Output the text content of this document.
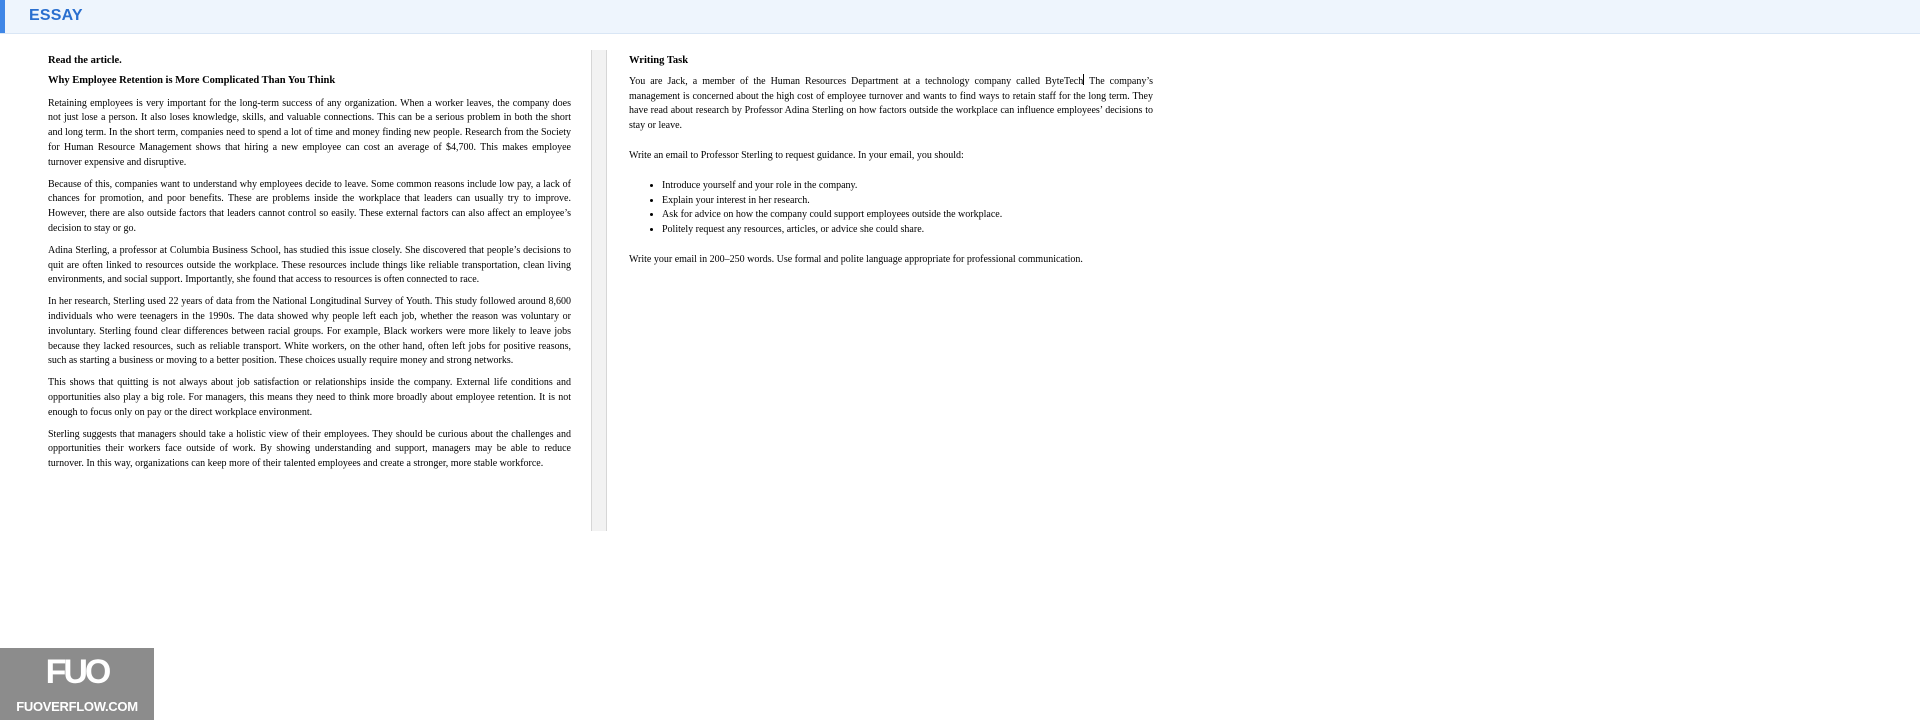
ESSAY
Read the article.
Why Employee Retention is More Complicated Than You Think

Retaining employees is very important for the long-term success of any organization. When a worker leaves, the company does not just lose a person. It also loses knowledge, skills, and valuable connections. This can be a serious problem in both the short and long term. In the short term, companies need to spend a lot of time and money finding new people. Research from the Society for Human Resource Management shows that hiring a new employee can cost an average of $4,700. This makes employee turnover expensive and disruptive.

Because of this, companies want to understand why employees decide to leave. Some common reasons include low pay, a lack of chances for promotion, and poor benefits. These are problems inside the workplace that leaders can usually try to improve. However, there are also outside factors that leaders cannot control so easily. These external factors can also affect an employee’s decision to stay or go.

Adina Sterling, a professor at Columbia Business School, has studied this issue closely. She discovered that people’s decisions to quit are often linked to resources outside the workplace. These resources include things like reliable transportation, clean living environments, and social support. Importantly, she found that access to resources is often connected to race.

In her research, Sterling used 22 years of data from the National Longitudinal Survey of Youth. This study followed around 8,600 individuals who were teenagers in the 1990s. The data showed why people left each job, whether the reason was voluntary or involuntary. Sterling found clear differences between racial groups. For example, Black workers were more likely to leave jobs because they lacked resources, such as reliable transport. White workers, on the other hand, often left jobs for positive reasons, such as starting a business or moving to a better position. These choices usually require money and strong networks.

This shows that quitting is not always about job satisfaction or relationships inside the company. External life conditions and opportunities also play a big role. For managers, this means they need to think more broadly about employee retention. It is not enough to focus only on pay or the direct workplace environment.

Sterling suggests that managers should take a holistic view of their employees. They should be curious about the challenges and opportunities their workers face outside of work. By showing understanding and support, managers may be able to reduce turnover. In this way, organizations can keep more of their talented employees and create a stronger, more stable workforce.

Writing Task

You are Jack, a member of the Human Resources Department at a technology company called ByteTech The company’s management is concerned about the high cost of employee turnover and wants to find ways to retain staff for the long term. They have read about research by Professor Adina Sterling on how factors outside the workplace can influence employees’ decisions to stay or leave.

Write an email to Professor Sterling to request guidance. In your email, you should:

• Introduce yourself and your role in the company.
• Explain your interest in her research.
• Ask for advice on how the company could support employees outside the workplace.
• Politely request any resources, articles, or advice she could share.

Write your email in 200–250 words. Use formal and polite language appropriate for professional communication.

FUO
FUOVERFLOW.COM
